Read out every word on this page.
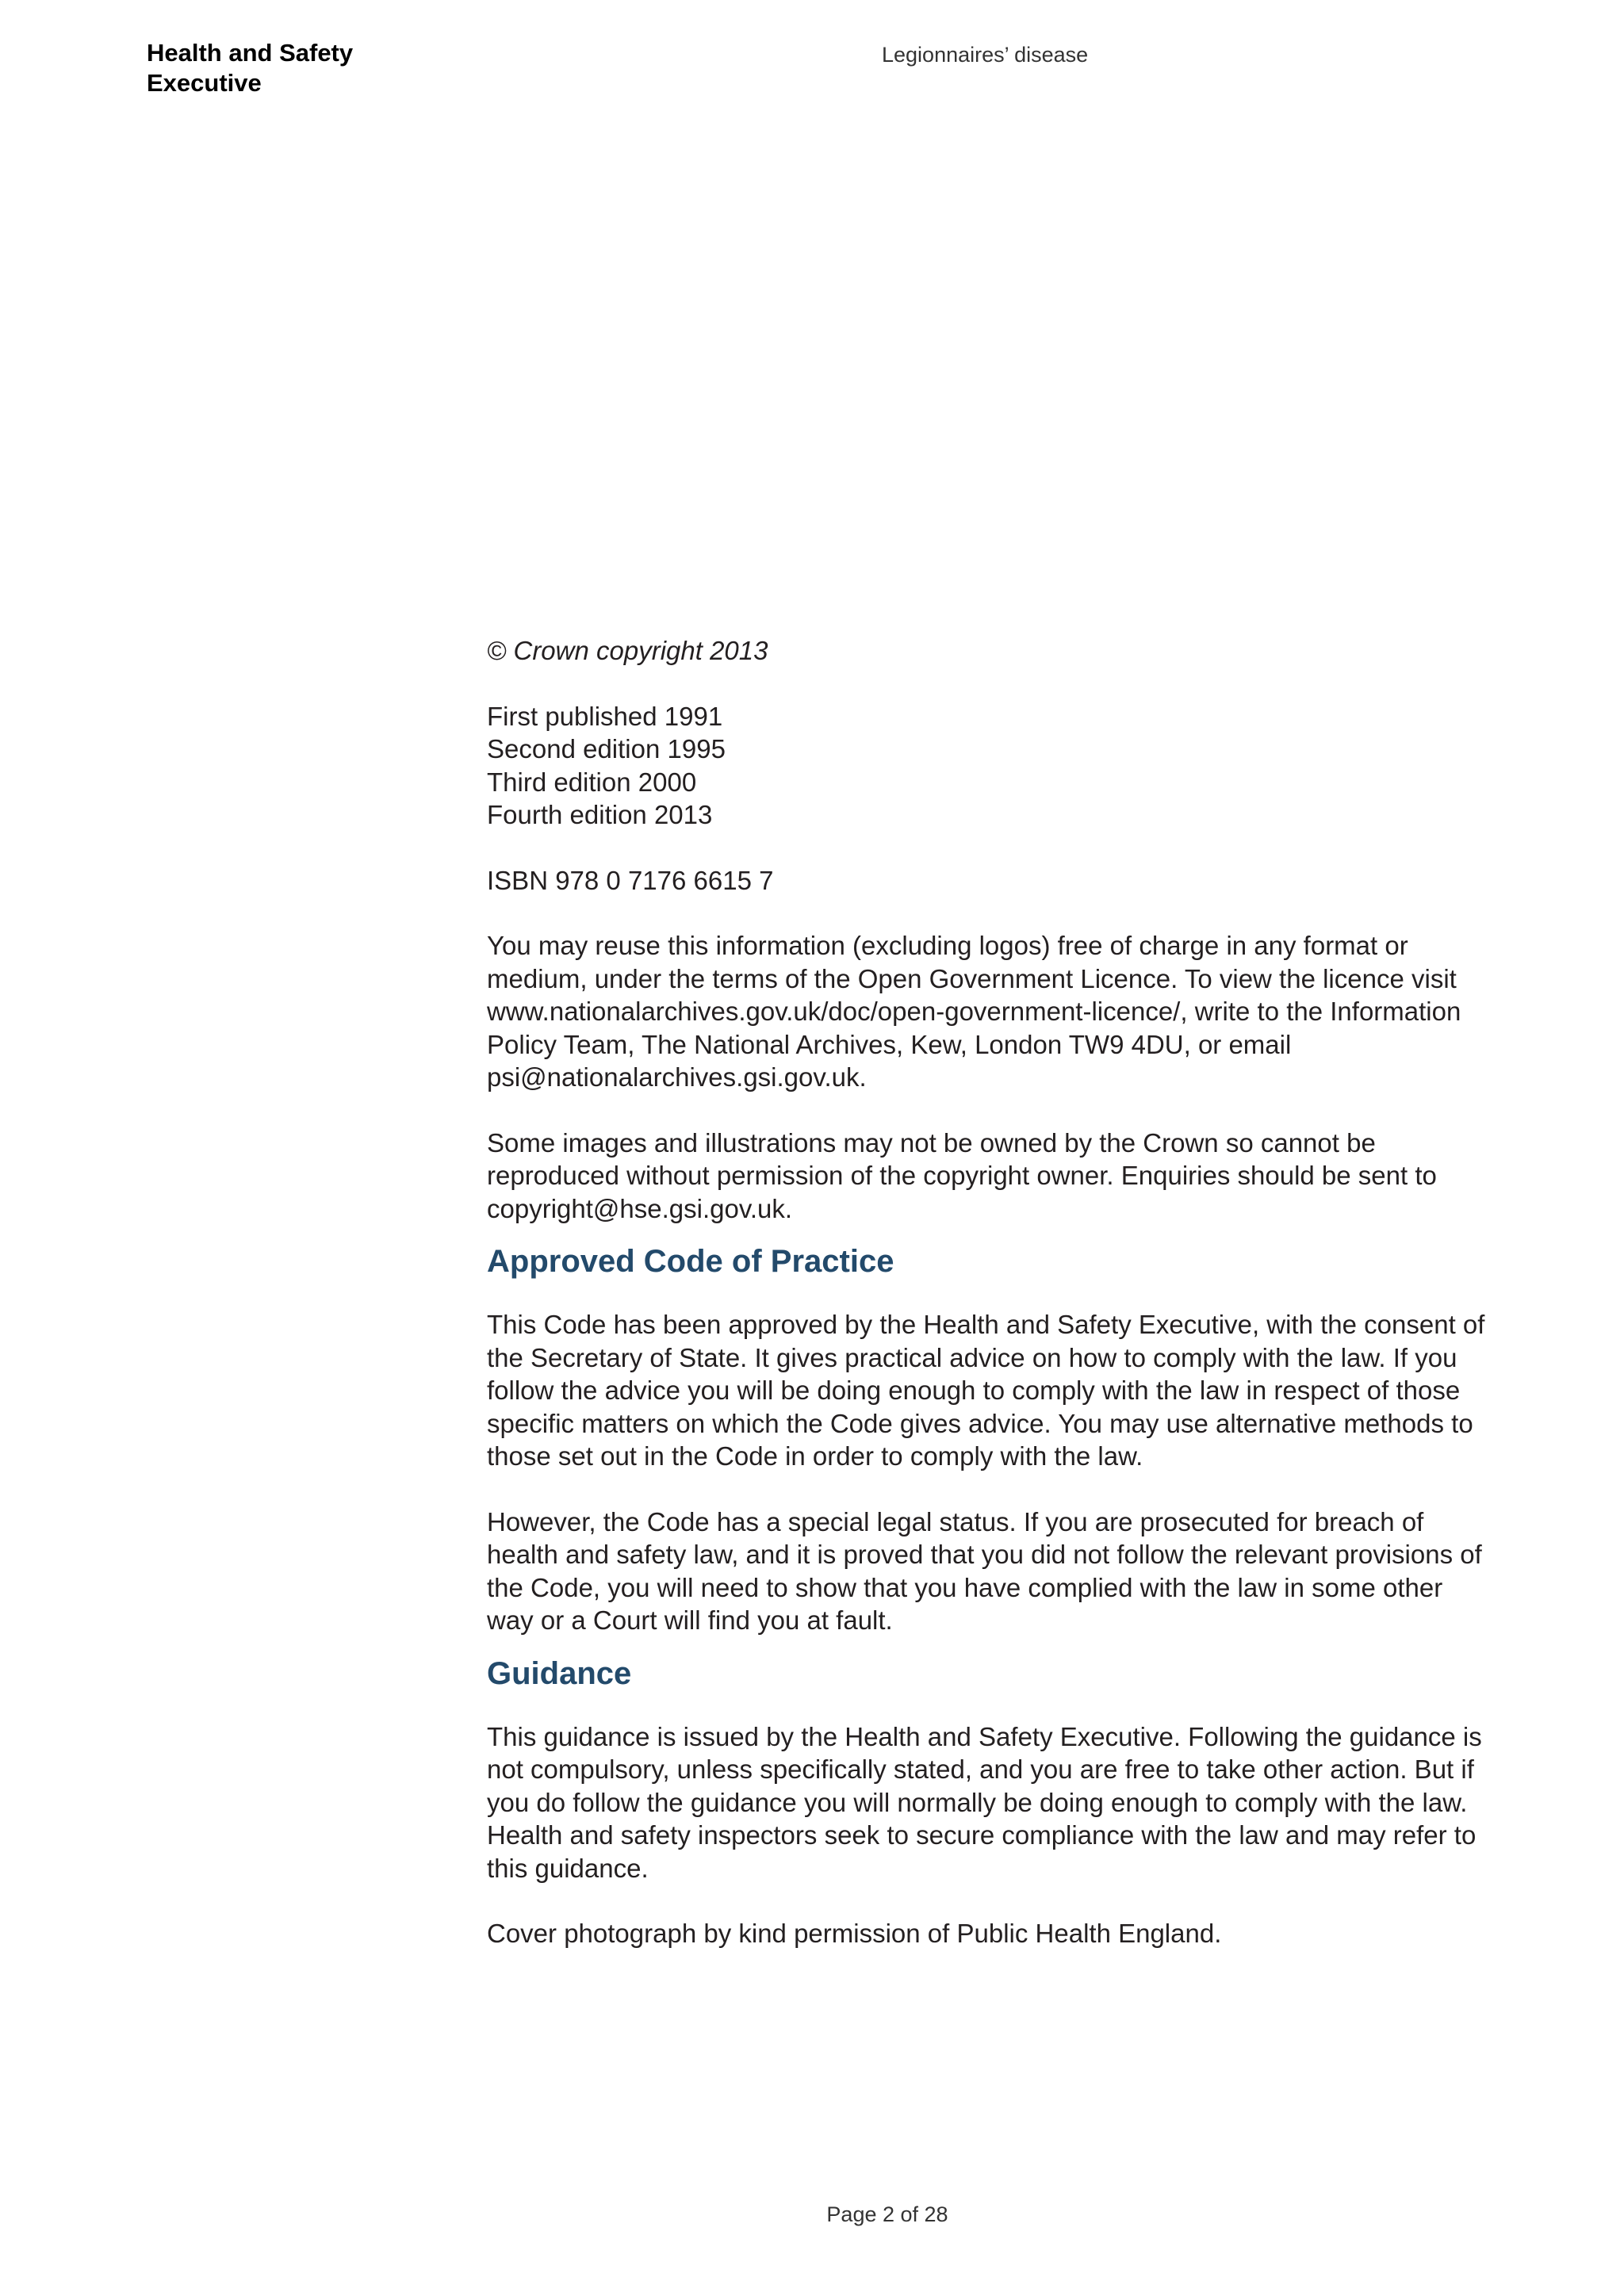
Health and Safety
Executive
Legionnaires’ disease

© Crown copyright 2013

First published 1991
Second edition 1995
Third edition 2000
Fourth edition 2013

ISBN 978 0 7176 6615 7

You may reuse this information (excluding logos) free of charge in any format or medium, under the terms of the Open Government Licence. To view the licence visit www.nationalarchives.gov.uk/doc/open-government-licence/, write to the Information Policy Team, The National Archives, Kew, London TW9 4DU, or email psi@nationalarchives.gsi.gov.uk.

Some images and illustrations may not be owned by the Crown so cannot be reproduced without permission of the copyright owner. Enquiries should be sent to copyright@hse.gsi.gov.uk.

Approved Code of Practice

This Code has been approved by the Health and Safety Executive, with the consent of the Secretary of State. It gives practical advice on how to comply with the law. If you follow the advice you will be doing enough to comply with the law in respect of those specific matters on which the Code gives advice. You may use alternative methods to those set out in the Code in order to comply with the law.

However, the Code has a special legal status. If you are prosecuted for breach of health and safety law, and it is proved that you did not follow the relevant provisions of the Code, you will need to show that you have complied with the law in some other way or a Court will find you at fault.

Guidance

This guidance is issued by the Health and Safety Executive. Following the guidance is not compulsory, unless specifically stated, and you are free to take other action. But if you do follow the guidance you will normally be doing enough to comply with the law. Health and safety inspectors seek to secure compliance with the law and may refer to this guidance.

Cover photograph by kind permission of Public Health England.

Page 2 of 28
